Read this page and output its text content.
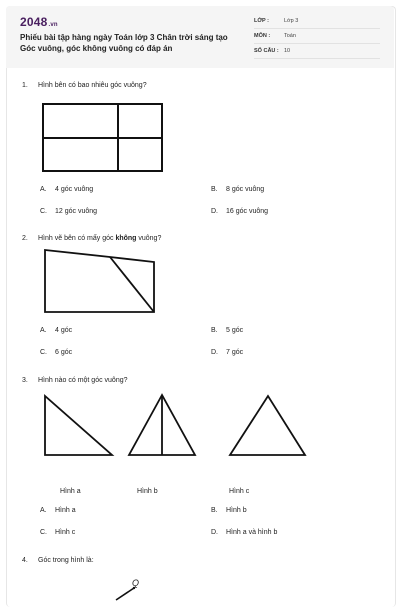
2048.vn
Phiếu bài tập hàng ngày Toán lớp 3 Chân trời sáng tạo Góc vuông, góc không vuông có đáp án
LỚP :	Lớp 3
MÔN :	Toán
SỐ CÂU : 10
1. Hình bên có bao nhiêu góc vuông?
A. 4 góc vuông	B. 8 góc vuông
C. 12 góc vuông	D. 16 góc vuông
2. Hình vẽ bên có mấy góc không vuông?
A. 4 góc	B. 5 góc
C. 6 góc	D. 7 góc
3. Hình nào có một góc vuông?
Hình a	Hình b	Hình c
A. Hình a	B. Hình b
C. Hình c	D. Hình a và hình b
4. Góc trong hình là:
Q
